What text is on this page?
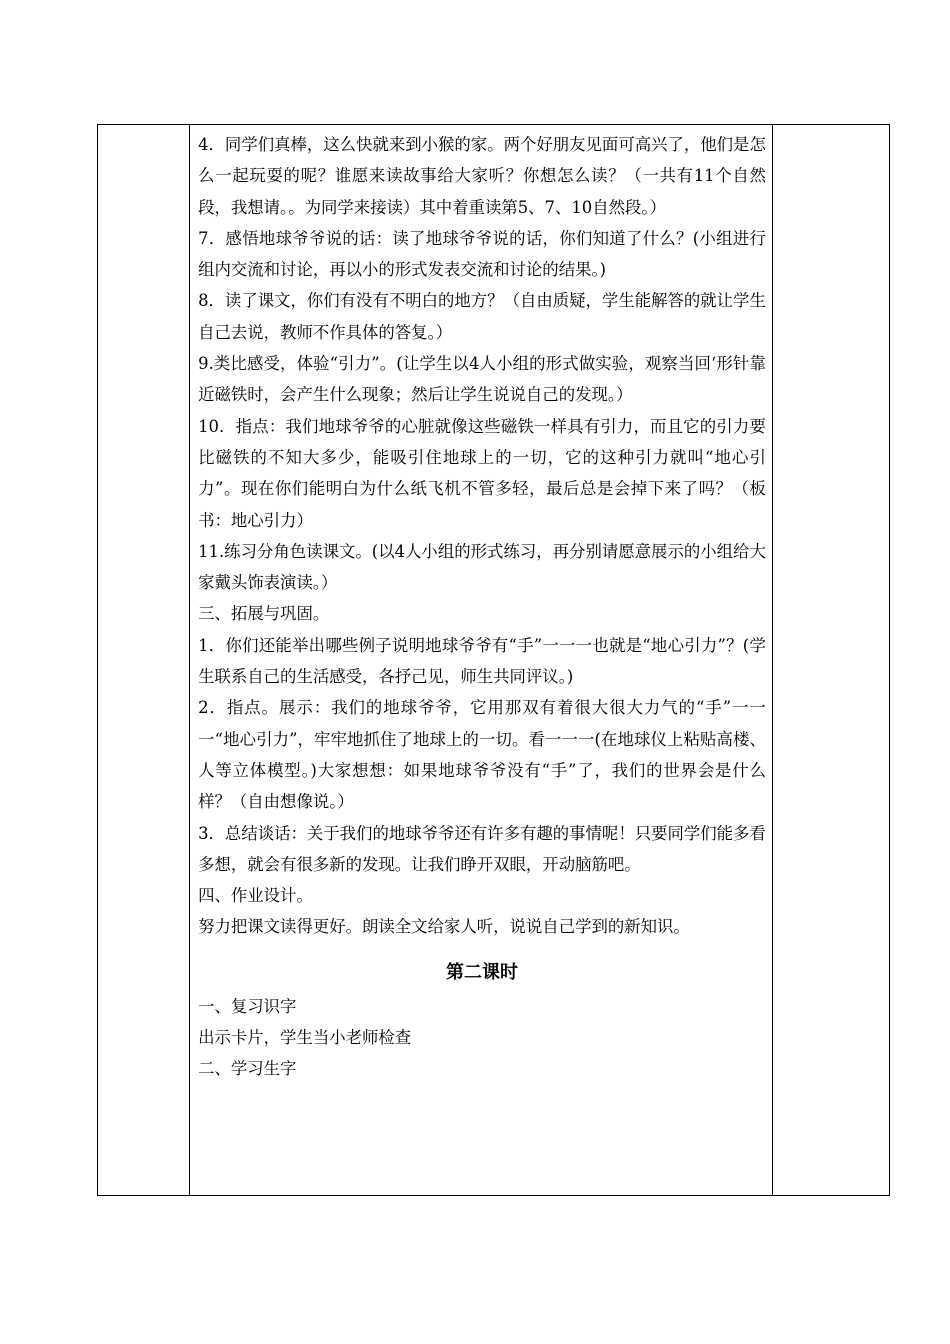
4．同学们真棒，这么快就来到小猴的家。两个好朋友见面可高兴了，他们是怎么一起玩耍的呢？谁愿来读故事给大家听？你想怎么读？（一共有11个自然段，我想请。。为同学来接读）其中着重读第5、7、10自然段。）

7．感悟地球爷爷说的话：读了地球爷爷说的话，你们知道了什么？(小组进行组内交流和讨论，再以小的形式发表交流和讨论的结果。)

8．读了课文，你们有没有不明白的地方？（自由质疑，学生能解答的就让学生自己去说，教师不作具体的答复。）

9.类比感受，体验“引力”。(让学生以4人小组的形式做实验，观察当回‘形针靠近磁铁时，会产生什么现象；然后让学生说说自己的发现。）

10．指点：我们地球爷爷的心脏就像这些磁铁一样具有引力，而且它的引力要比磁铁的不知大多少，能吸引住地球上的一切，它的这种引力就叫“地心引力”。现在你们能明白为什么纸飞机不管多轻，最后总是会掉下来了吗？（板书：地心引力）

11.练习分角色读课文。(以4人小组的形式练习，再分别请愿意展示的小组给大家戴头饰表演读。）

三、拓展与巩固。

1．你们还能举出哪些例子说明地球爷爷有“手”一一一也就是“地心引力”？(学生联系自己的生活感受，各抒己见，师生共同评议。)

2．指点。展示：我们的地球爷爷，它用那双有着很大很大力气的“手”一一一“地心引力”，牢牢地抓住了地球上的一切。看一一一(在地球仪上粘贴高楼、人等立体模型。)大家想想：如果地球爷爷没有“手”了，我们的世界会是什么样？（自由想像说。）

3．总结谈话：关于我们的地球爷爷还有许多有趣的事情呢！只要同学们能多看多想，就会有很多新的发现。让我们睁开双眼，开动脑筋吧。

四、作业设计。

努力把课文读得更好。朗读全文给家人听，说说自己学到的新知识。

第二课时

一、复习识字

出示卡片，学生当小老师检查

二、学习生字
